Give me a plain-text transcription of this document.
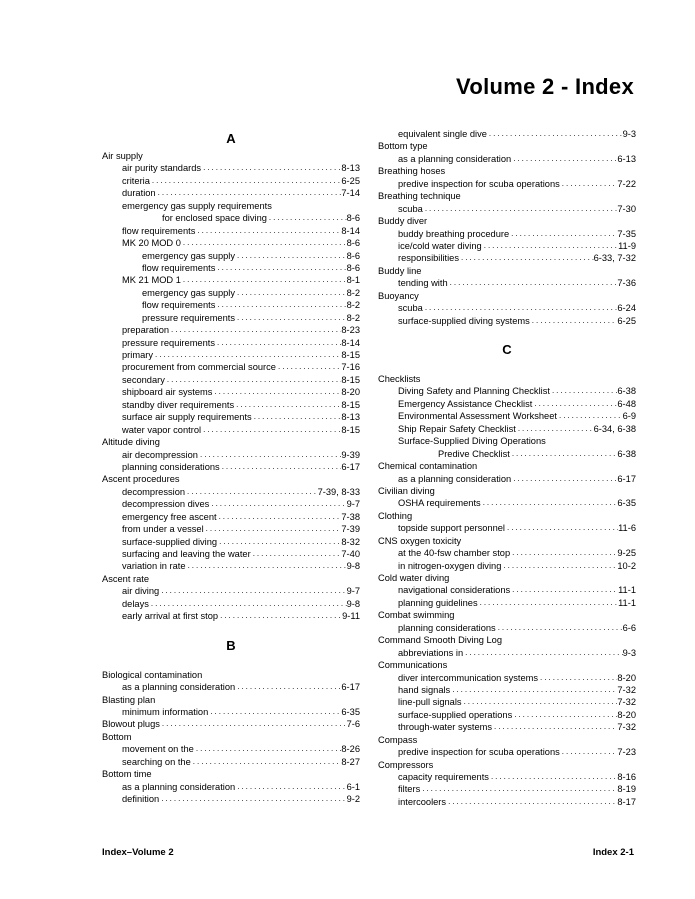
Volume 2 - Index
A
Air supply
air purity standards .....	8-13
criteria .....	6-25
duration .....	7-14
emergency gas supply requirements
for enclosed space diving .....	8-6
flow requirements .....	8-14
MK 20 MOD 0 .....	8-6
emergency gas supply .....	8-6
flow requirements .....	8-6
MK 21 MOD 1 .....	8-1
emergency gas supply .....	8-2
flow requirements .....	8-2
pressure requirements .....	8-2
preparation .....	8-23
pressure requirements .....	8-14
primary .....	8-15
procurement from commercial source .....	7-16
secondary .....	8-15
shipboard air systems .....	8-20
standby diver requirements .....	8-15
surface air supply requirements .....	8-13
water vapor control .....	8-15
Altitude diving
air decompression .....	9-39
planning considerations .....	6-17
Ascent procedures
decompression .....	7-39, 8-33
decompression dives .....	9-7
emergency free ascent .....	7-38
from under a vessel .....	7-39
surface-supplied diving .....	8-32
surfacing and leaving the water .....	7-40
variation in rate .....	9-8
Ascent rate
air diving .....	9-7
delays .....	9-8
early arrival at first stop .....	9-11
B
Biological contamination
as a planning consideration .....	6-17
Blasting plan
minimum information .....	6-35
Blowout plugs .....	7-6
Bottom
movement on the .....	8-26
searching on the .....	8-27
Bottom time
as a planning consideration .....	6-1
definition .....	9-2
equivalent single dive .....	9-3
Bottom type
as a planning consideration .....	6-13
Breathing hoses
predive inspection for scuba operations .....	7-22
Breathing technique
scuba .....	7-30
Buddy diver
buddy breathing procedure .....	7-35
ice/cold water diving .....	11-9
responsibilities .....	6-33, 7-32
Buddy line
tending with .....	7-36
Buoyancy
scuba .....	6-24
surface-supplied diving systems .....	6-25
C
Checklists
Diving Safety and Planning Checklist .....	6-38
Emergency Assistance Checklist .....	6-48
Environmental Assessment Worksheet .....	6-9
Ship Repair Safety Checklist .....	6-34, 6-38
Surface-Supplied Diving Operations
Predive Checklist .....	6-38
Chemical contamination
as a planning consideration .....	6-17
Civilian diving
OSHA requirements .....	6-35
Clothing
topside support personnel .....	11-6
CNS oxygen toxicity
at the 40-fsw chamber stop .....	9-25
in nitrogen-oxygen diving .....	10-2
Cold water diving
navigational considerations .....	11-1
planning guidelines .....	11-1
Combat swimming
planning considerations .....	6-6
Command Smooth Diving Log
abbreviations in .....	9-3
Communications
diver intercommunication systems .....	8-20
hand signals .....	7-32
line-pull signals .....	7-32
surface-supplied operations .....	8-20
through-water systems .....	7-32
Compass
predive inspection for scuba operations .....	7-23
Compressors
capacity requirements .....	8-16
filters .....	8-19
intercoolers .....	8-17
Index–Volume 2	Index 2-1
